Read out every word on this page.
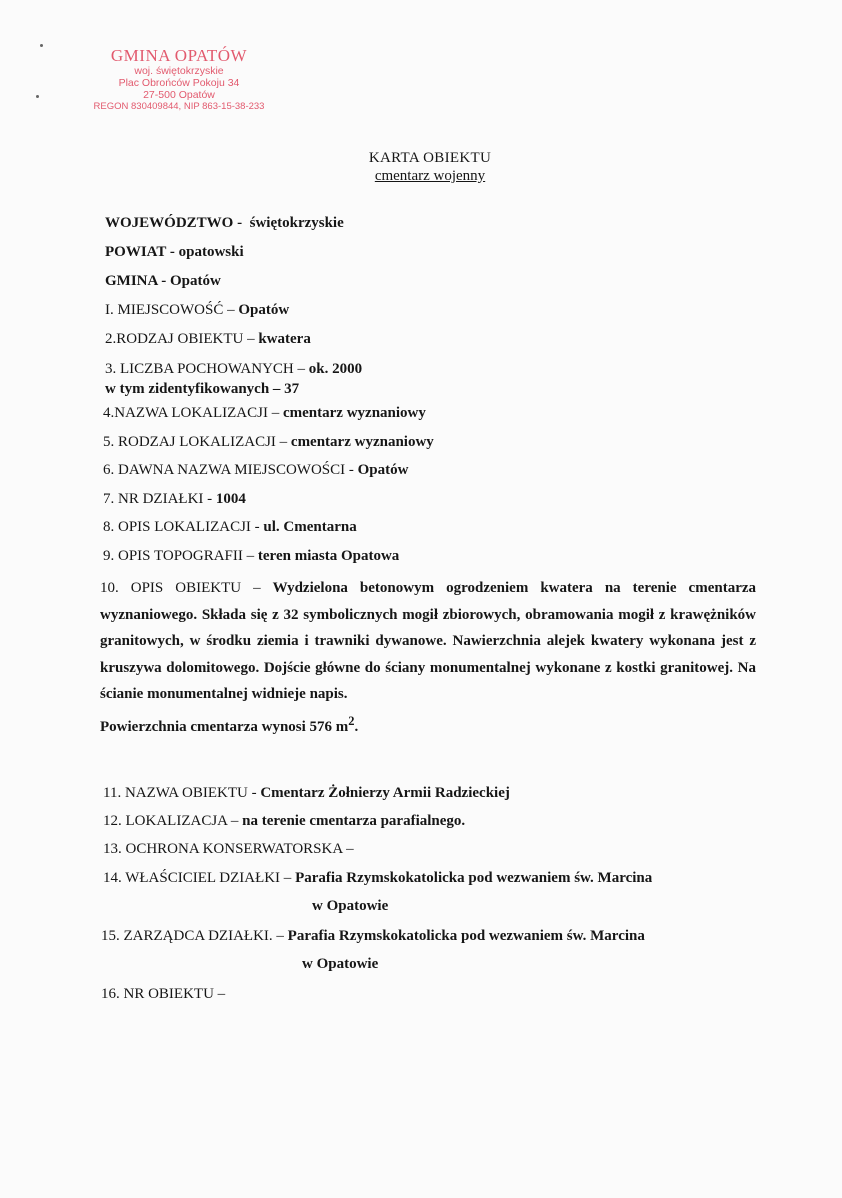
GMINA OPATÓW
woj. świętokrzyskie
Plac Obrońców Pokoju 34
27-500 Opatów
REGON 830409844, NIP 863-15-38-233
KARTA OBIEKTU
cmentarz wojenny
WOJEWÓDZTWO - świętokrzyskie
POWIAT - opatowski
GMINA - Opatów
I. MIEJSCOWOŚĆ – Opatów
2.RODZAJ OBIEKTU – kwatera
3. LICZBA POCHOWANYCH – ok. 2000
w tym zidentyfikowanych – 37
4.NAZWA LOKALIZACJI – cmentarz wyznaniowy
5. RODZAJ LOKALIZACJI – cmentarz wyznaniowy
6. DAWNA NAZWA MIEJSCOWOŚCI - Opatów
7. NR DZIAŁKI - 1004
8. OPIS LOKALIZACJI - ul. Cmentarna
9. OPIS TOPOGRAFII – teren miasta Opatowa
10. OPIS OBIEKTU – Wydzielona betonowym ogrodzeniem kwatera na terenie cmentarza wyznaniowego. Składa się z 32 symbolicznych mogił zbiorowych, obramowania mogił z krawężników granitowych, w środku ziemia i trawniki dywanowe. Nawierzchnia alejek kwatery wykonana jest z kruszywa dolomitowego. Dojście główne do ściany monumentalnej wykonane z kostki granitowej. Na ścianie monumentalnej widnieje napis.
Powierzchnia cmentarza wynosi 576 $m^2$.
11. NAZWA OBIEKTU - Cmentarz Żołnierzy Armii Radzieckiej
12. LOKALIZACJA – na terenie cmentarza parafialnego.
13. OCHRONA KONSERWATORSKA –
14. WŁAŚCICIEL DZIAŁKI – Parafia Rzymskokatolicka pod wezwaniem św. Marcina
w Opatowie
15. ZARZĄDCA DZIAŁKI. – Parafia Rzymskokatolicka pod wezwaniem św. Marcina
w Opatowie
16. NR OBIEKTU –
